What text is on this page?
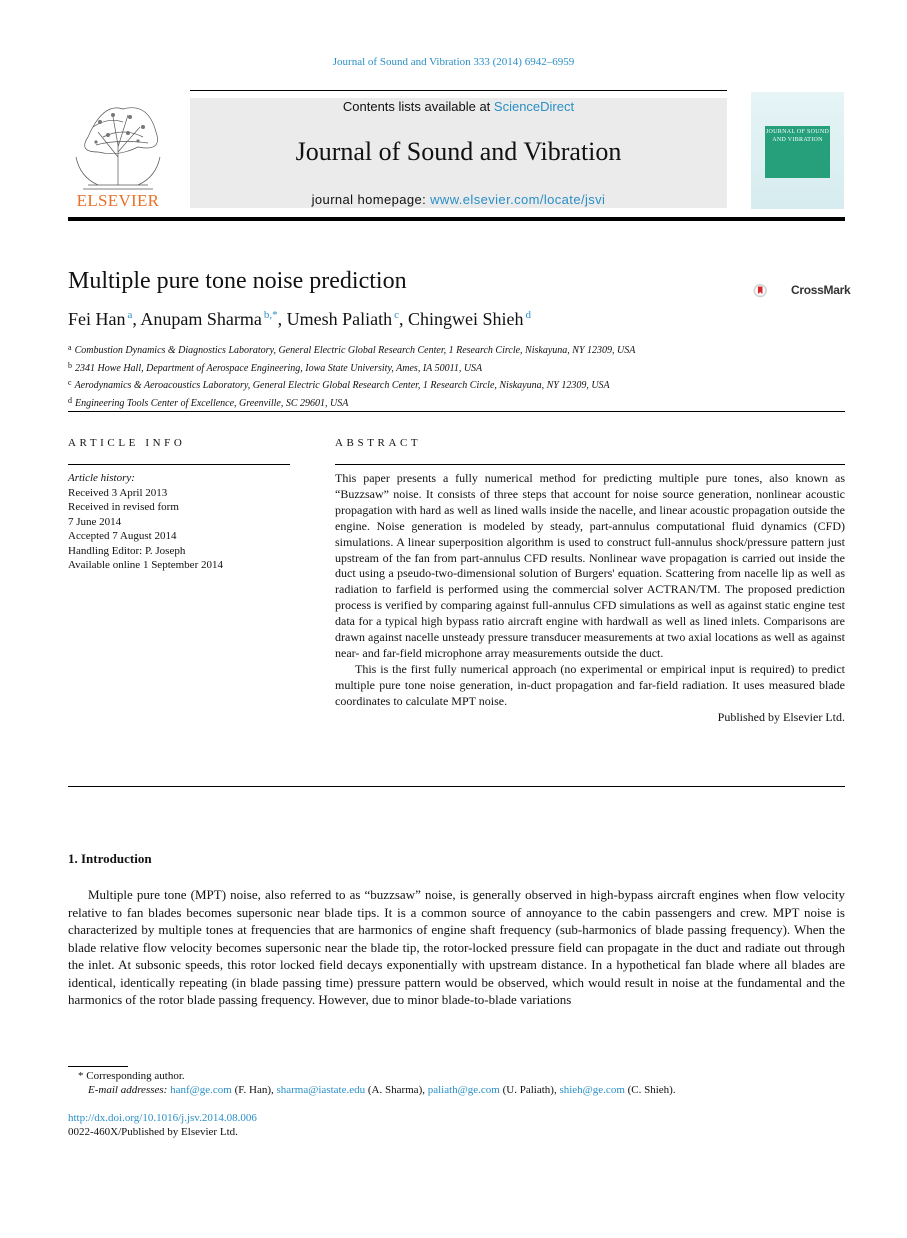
Journal of Sound and Vibration 333 (2014) 6942–6959
ELSEVIER
Contents lists available at ScienceDirect
Journal of Sound and Vibration
journal homepage: www.elsevier.com/locate/jsvi
JOURNAL OF SOUND AND VIBRATION
Multiple pure tone noise prediction	CrossMark
Fei Han $^a$, Anupam Sharma $^{b,*}$, Umesh Paliath $^c$, Chingwei Shieh $^d$
$^a$ Combustion Dynamics & Diagnostics Laboratory, General Electric Global Research Center, 1 Research Circle, Niskayuna, NY 12309, USA
$^b$ 2341 Howe Hall, Department of Aerospace Engineering, Iowa State University, Ames, IA 50011, USA
$^c$ Aerodynamics & Aeroacoustics Laboratory, General Electric Global Research Center, 1 Research Circle, Niskayuna, NY 12309, USA
$^d$ Engineering Tools Center of Excellence, Greenville, SC 29601, USA
ARTICLE INFO
Article history:
Received 3 April 2013
Received in revised form
7 June 2014
Accepted 7 August 2014
Handling Editor: P. Joseph
Available online 1 September 2014
ABSTRACT

This paper presents a fully numerical method for predicting multiple pure tones, also known as “Buzzsaw” noise. It consists of three steps that account for noise source generation, nonlinear acoustic propagation with hard as well as lined walls inside the nacelle, and linear acoustic propagation outside the engine. Noise generation is modeled by steady, part-annulus computational fluid dynamics (CFD) simulations. A linear superposition algorithm is used to construct full-annulus shock/pressure pattern just upstream of the fan from part-annulus CFD results. Nonlinear wave propagation is carried out inside the duct using a pseudo-two-dimensional solution of Burgers' equation. Scattering from nacelle lip as well as radiation to farfield is performed using the commercial solver ACTRAN/TM. The proposed prediction process is verified by comparing against full-annulus CFD simulations as well as against static engine test data for a typical high bypass ratio aircraft engine with hardwall as well as lined inlets. Comparisons are drawn against nacelle unsteady pressure transducer measurements at two axial locations as well as against near- and far-field microphone array measurements outside the duct.

This is the first fully numerical approach (no experimental or empirical input is required) to predict multiple pure tone noise generation, in-duct propagation and far-field radiation. It uses measured blade coordinates to calculate MPT noise.

Published by Elsevier Ltd.

1. Introduction

Multiple pure tone (MPT) noise, also referred to as “buzzsaw” noise, is generally observed in high-bypass aircraft engines when flow velocity relative to fan blades becomes supersonic near blade tips. It is a common source of annoyance to the cabin passengers and crew. MPT noise is characterized by multiple tones at frequencies that are harmonics of engine shaft frequency (sub-harmonics of blade passing frequency). When the blade relative flow velocity becomes supersonic near the blade tip, the rotor-locked pressure field can propagate in the duct and radiate out through the inlet. At subsonic speeds, this rotor locked field decays exponentially with upstream distance. In a hypothetical fan blade where all blades are identical, identically repeating (in blade passing time) pressure pattern would be observed, which would result in noise at the fundamental and the harmonics of the rotor blade passing frequency. However, due to minor blade-to-blade variations

* Corresponding author.
E-mail addresses: hanf@ge.com (F. Han), sharma@iastate.edu (A. Sharma), paliath@ge.com (U. Paliath), shieh@ge.com (C. Shieh).
http://dx.doi.org/10.1016/j.jsv.2014.08.006
0022-460X/Published by Elsevier Ltd.
